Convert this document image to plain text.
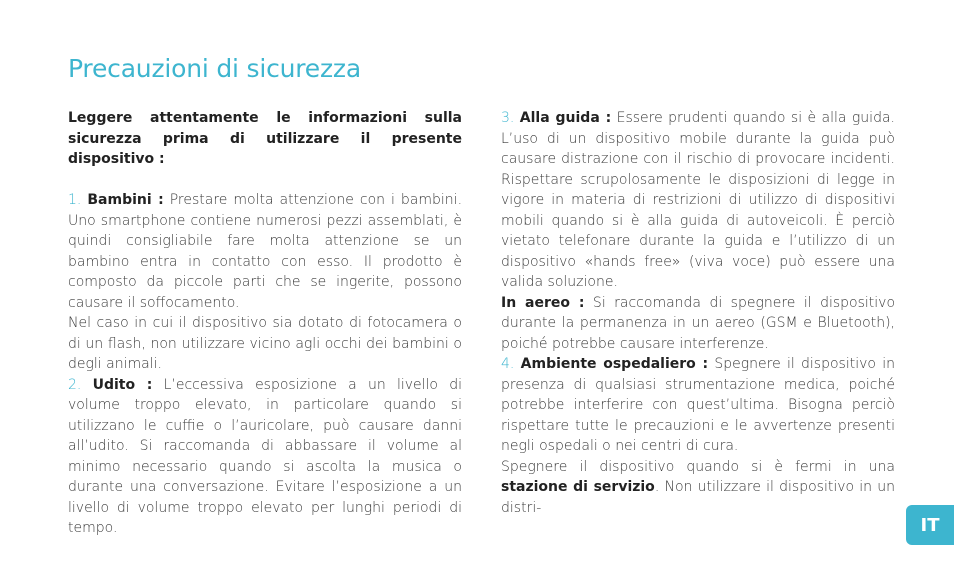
Precauzioni di sicurezza

Leggere attentamente le informazioni sulla sicurezza prima di utilizzare il presente dispositivo :

1. Bambini : Prestare molta attenzione con i bambini. Uno smartphone contiene numerosi pezzi assemblati, è quindi consigliabile fare molta attenzione se un bambino entra in contatto con esso. Il prodotto è composto da piccole parti che se ingerite, possono causare il soffocamento.

Nel caso in cui il dispositivo sia dotato di fotocamera o di un flash, non utilizzare vicino agli occhi dei bambini o degli animali.

2. Udito : L’eccessiva esposizione a un livello di volume troppo elevato, in particolare quando si utilizzano le cuffie o l’auricolare, può causare danni all’udito. Si raccomanda di abbassare il volume al minimo necessario quando si ascolta la musica o durante una conversazione. Evitare l’esposizione a un livello di volume troppo elevato per lunghi periodi di tempo.

3. Alla guida : Essere prudenti quando si è alla guida. L’uso di un dispositivo mobile durante la guida può causare distrazione con il rischio di provocare incidenti. Rispettare scrupolosamente le disposizioni di legge in vigore in materia di restrizioni di utilizzo di dispositivi mobili quando si è alla guida di autoveicoli. È perciò vietato telefonare durante la guida e l’utilizzo di un dispositivo «hands free» (viva voce) può essere una valida soluzione.

In aereo : Si raccomanda di spegnere il dispositivo durante la permanenza in un aereo (GSM e Bluetooth), poiché potrebbe causare interferenze.

4. Ambiente ospedaliero : Spegnere il dispositivo in presenza di qualsiasi strumentazione medica, poiché potrebbe interferire con quest’ultima. Bisogna perciò rispettare tutte le precauzioni e le avvertenze presenti negli ospedali o nei centri di cura.

Spegnere il dispositivo quando si è fermi in una stazione di servizio. Non utilizzare il dispositivo in un distri-

IT
